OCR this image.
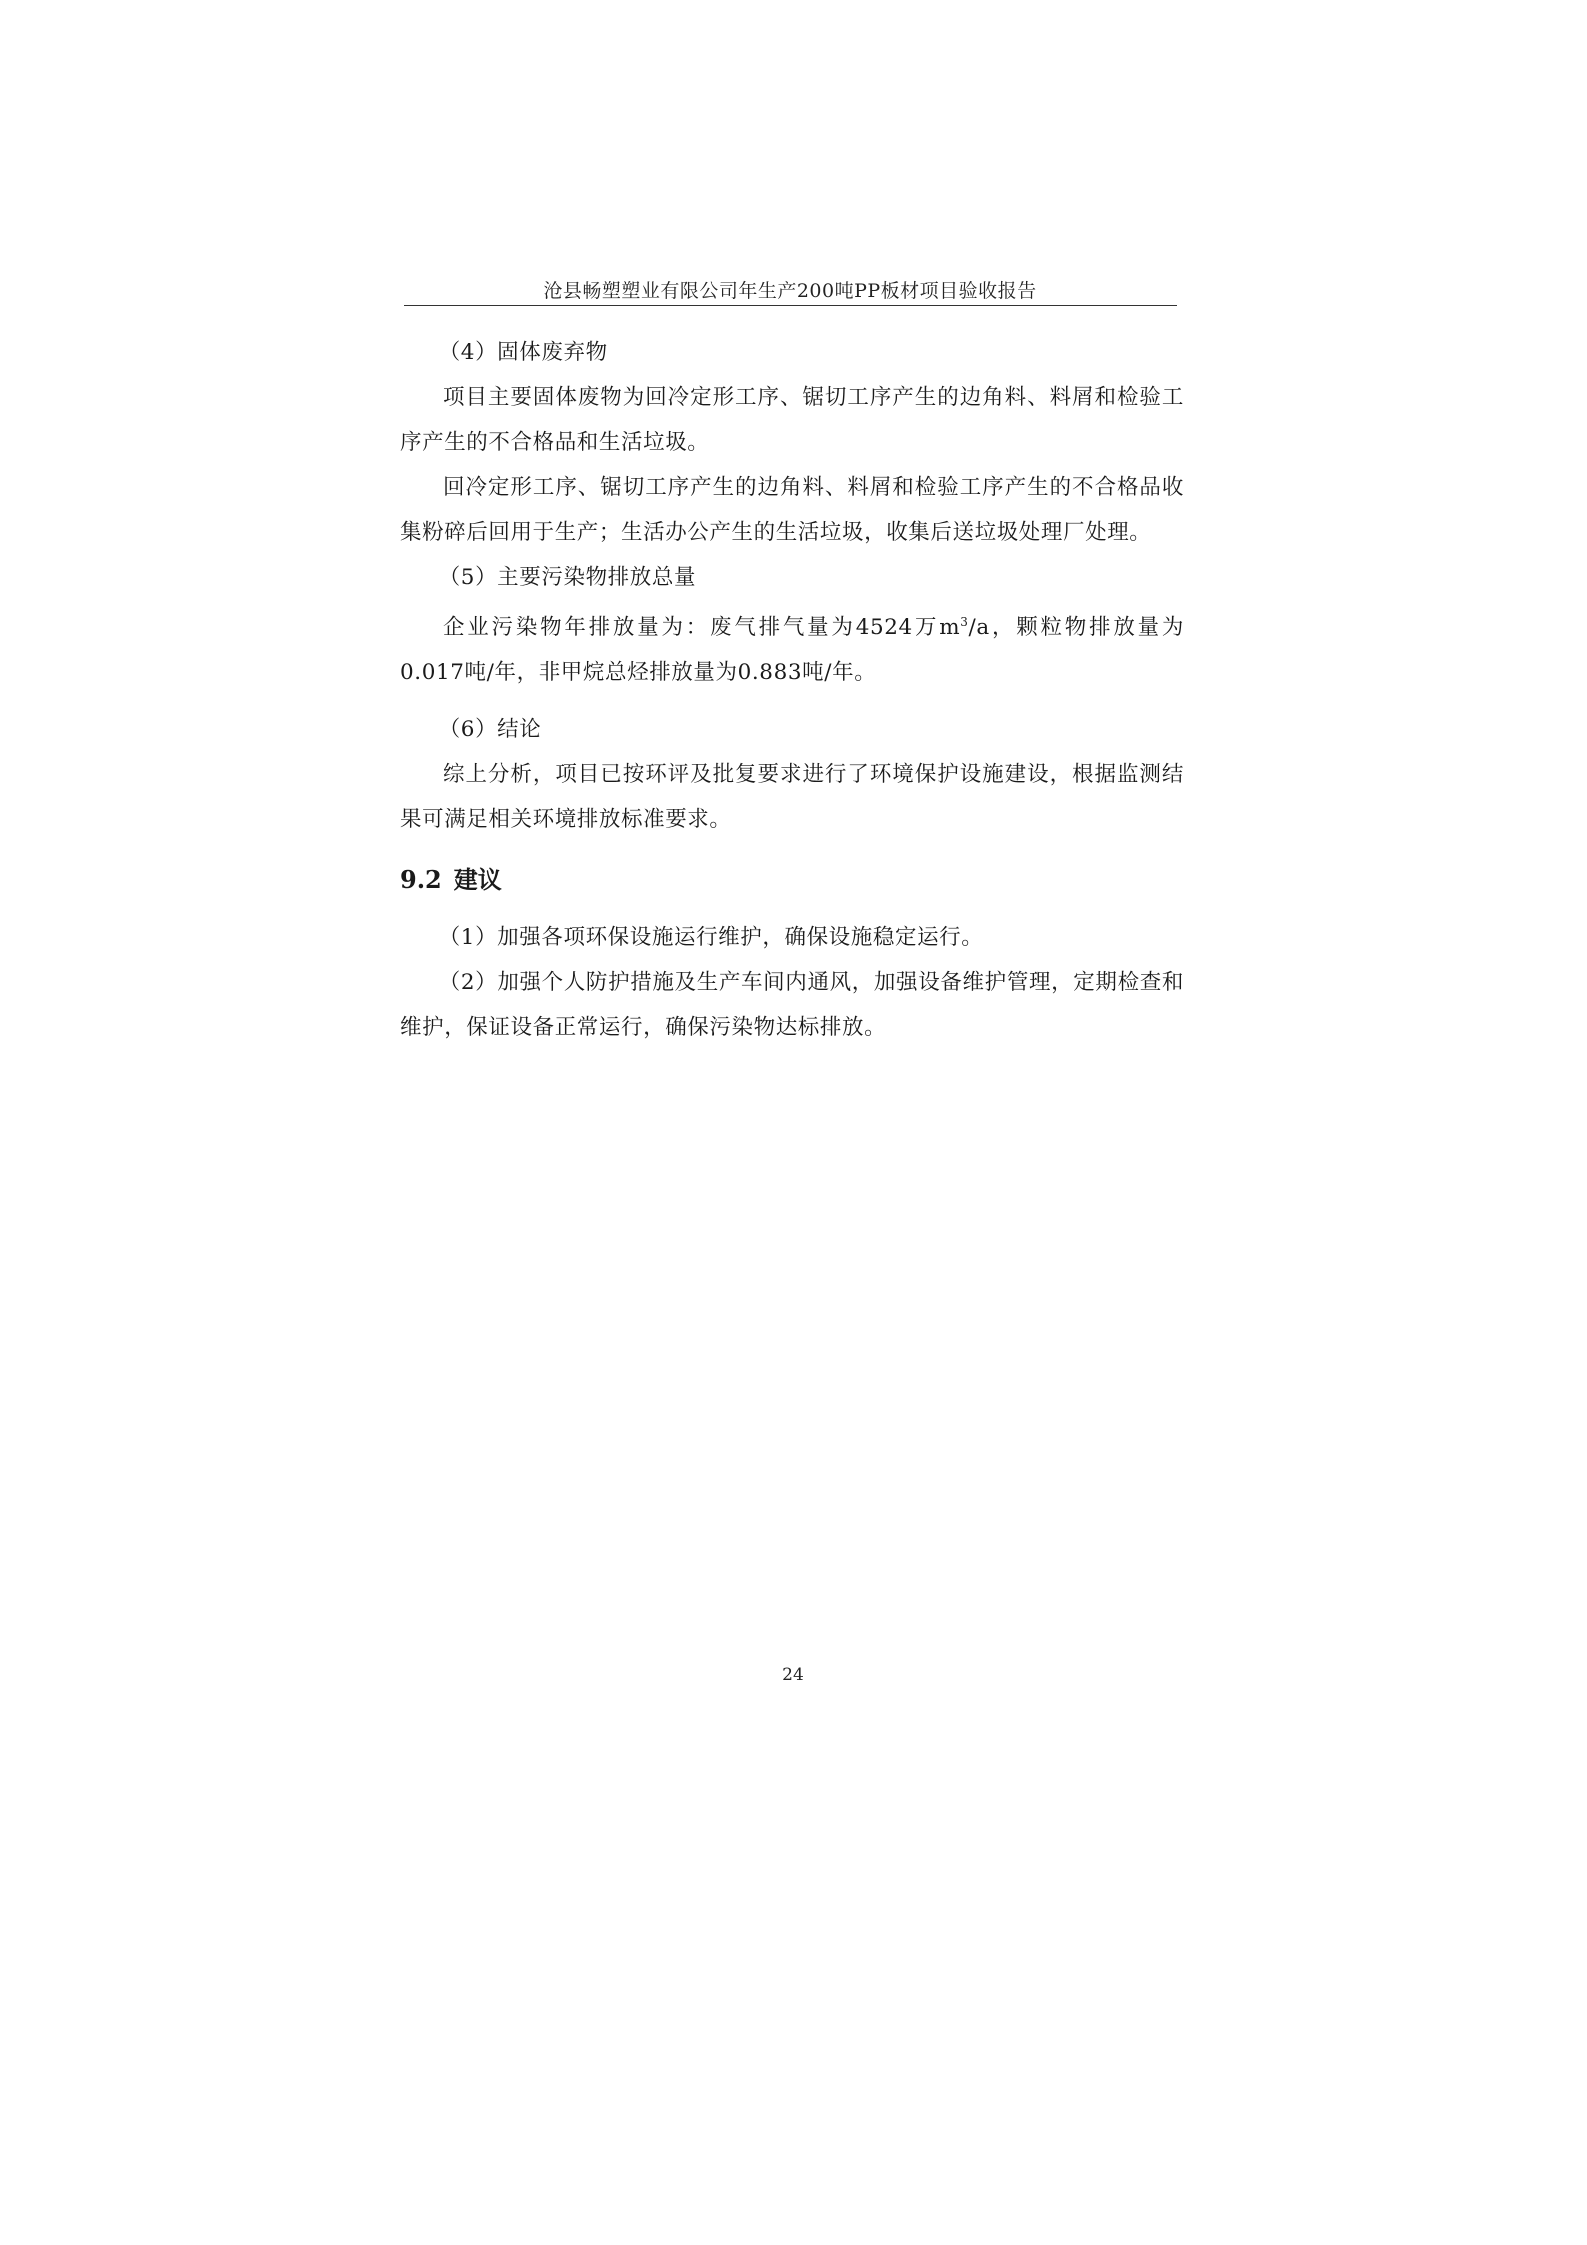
沧县畅塑塑业有限公司年生产200吨PP板材项目验收报告

（4）固体废弃物

项目主要固体废物为回冷定形工序、锯切工序产生的边角料、料屑和检验工序产生的不合格品和生活垃圾。

回冷定形工序、锯切工序产生的边角料、料屑和检验工序产生的不合格品收集粉碎后回用于生产；生活办公产生的生活垃圾，收集后送垃圾处理厂处理。

（5）主要污染物排放总量

企业污染物年排放量为：废气排气量为4524万$m^3/a$，颗粒物排放量为0.017吨/年，非甲烷总烃排放量为0.883吨/年。

（6）结论

综上分析，项目已按环评及批复要求进行了环境保护设施建设，根据监测结果可满足相关环境排放标准要求。

9.2 建议

（1）加强各项环保设施运行维护，确保设施稳定运行。

（2）加强个人防护措施及生产车间内通风，加强设备维护管理，定期检查和维护，保证设备正常运行，确保污染物达标排放。

24
